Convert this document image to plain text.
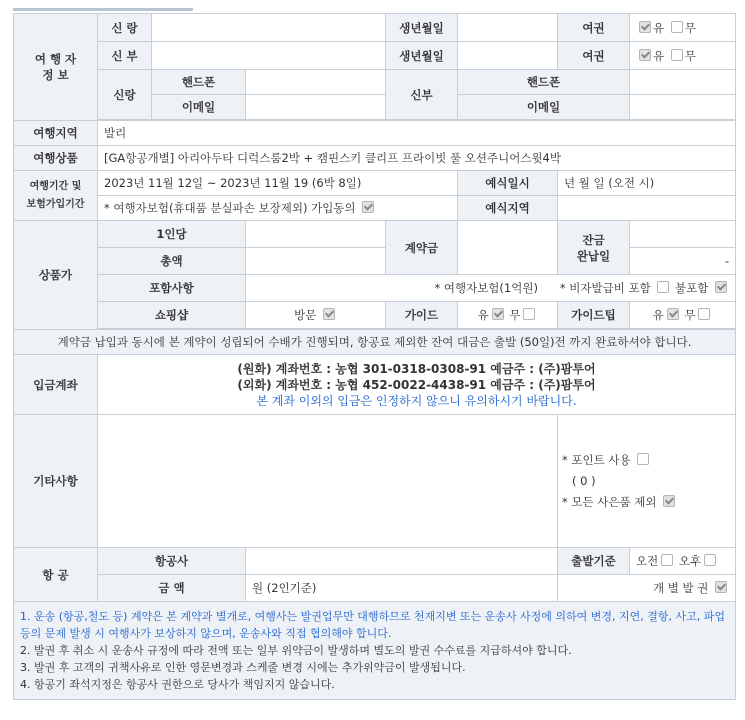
여 행 자
정 보	신 랑			생년월일		여권	유 무
	신 부			생년월일		여권	유 무
	신랑	핸드폰		신부	핸드폰		
		이메일			이메일		

여행지역	발리						
여행상품	[GA항공개별] 아리아두타 디럭스룸2박 + 캠핀스키 클리프 프라이빗 풀 오션주니어스윗4박						

여행기간 및
보험가입기간	2023년 11월 12일 ~ 2023년 11월 19 (6박 8일)				예식일시	년 월 일 (오전 시)	
	* 여행자보험(휴대품 분실파손 보장제외) 가입동의				예식지역		
상품가	1인당			계약금		잔금
완납일	

	총액						-
	포함사항		* 여행자보험(1억원) * 비자발급비 포함 불포함				
	쇼핑샵		방문	가이드	유 무	가이드팁	유 무

계약금 납입과 동시에 본 계약이 성립되어 수배가 진행되며, 항공료 제외한 잔여 대금은 출발 (50일)전 까지 완료하셔야 합니다.							
입금계좌	(원화) 계좌번호 : 농협 301-0318-0308-91 예금주 : (주)팜투어
(외화) 계좌번호 : 농협 452-0022-4438-91 예금주 : (주)팜투어
본 계좌 이외의 입금은 인정하지 않으니 유의하시기 바랍니다.						

기타사항						* 포인트 사용
( 0 )
* 모든 사은품 제외	

항 공	항공사					출발기준	오전 오후
	금 액		원 (2인기준)			개 별 발 권	

1. 운송 (항공,철도 등) 계약은 본 계약과 별개로, 여행사는 발권업무만 대행하므로 천재지변 또는 운송사 사정에 의하여 변경, 지연, 결항, 사고, 파업 등의 문제 발생 시 여행사가 보상하지 않으며, 운송사와 직접 협의해야 합니다.
2. 발권 후 취소 시 운송사 규정에 따라 전액 또는 일부 위약금이 발생하며 별도의 발권 수수료를 지급하셔야 합니다.
3. 발권 후 고객의 귀책사유로 인한 영문변경과 스케줄 변경 시에는 추가위약금이 발생됩니다.
4. 항공기 좌석지정은 항공사 권한으로 당사가 책임지지 않습니다.							
